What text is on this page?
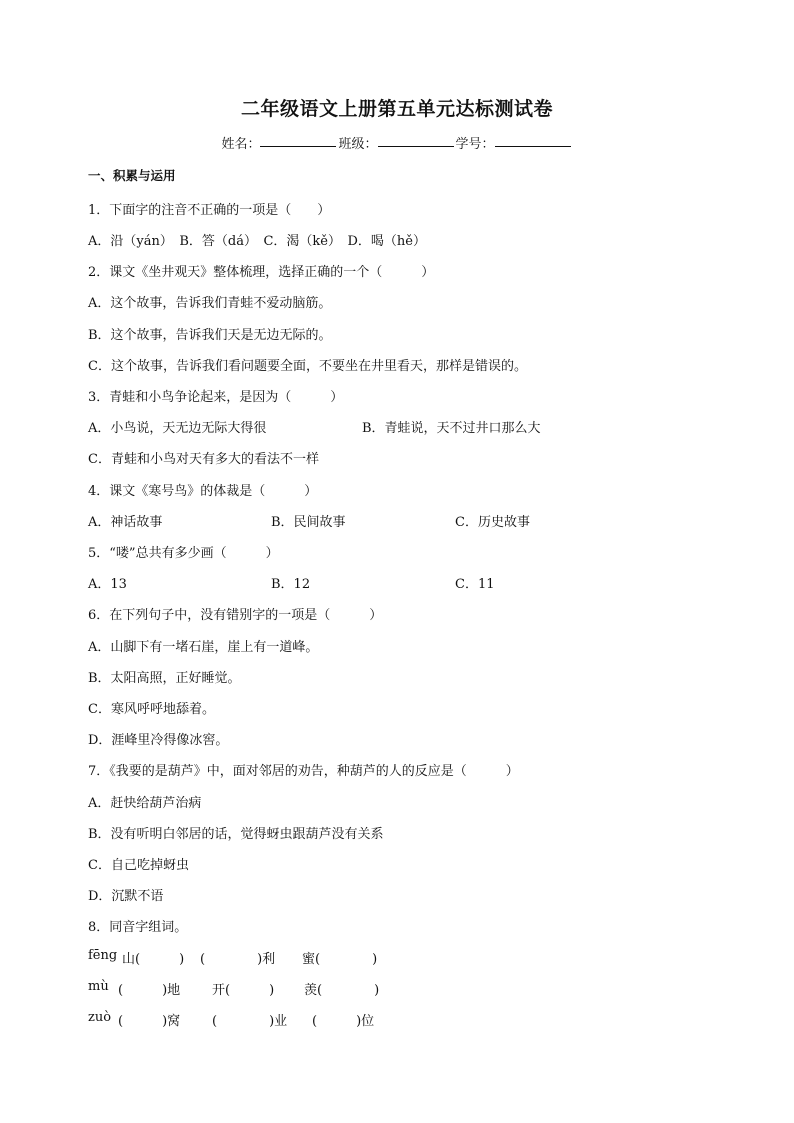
二年级语文上册第五单元达标测试卷
姓名：	班级：	学号：
一、积累与运用
1．下面字的注音不正确的一项是（　　）
A．沿（yán）　B．答（dá）　C．渴（kě）　D．喝（hě）
2．课文《坐井观天》整体梳理，选择正确的一个（　　　）
A．这个故事，告诉我们青蛙不爱动脑筋。
B．这个故事，告诉我们天是无边无际的。
C．这个故事，告诉我们看问题要全面，不要坐在井里看天，那样是错误的。
3．青蛙和小鸟争论起来，是因为（　　　）
A．小鸟说，天无边无际大得很	B．青蛙说，天不过井口那么大
C．青蛙和小鸟对天有多大的看法不一样
4．课文《寒号鸟》的体裁是（　　　）
A．神话故事	B．民间故事	C．历史故事
5．“喽”总共有多少画（　　　）
A．13	B．12	C．11
6．在下列句子中，没有错别字的一项是（　　　）
A．山脚下有一堵石崖，崖上有一道峰。
B．太阳高照，正好睡觉。
C．寒风呼呼地舔着。
D．涯峰里冷得像冰窖。
7．《我要的是葫芦》中，面对邻居的劝告，种葫芦的人的反应是（　　　）
A．赶快给葫芦治病
B．没有听明白邻居的话，觉得蚜虫跟葫芦没有关系
C．自己吃掉蚜虫
D．沉默不语
8．同音字组词。
fēng 山(　　　) (　　　　)利 蜜(　　　　)
mù (　　　)地 开(　　　) 羡(　　　　)
zuò (　　　)窝 (　　　　)业 (　　　)位
